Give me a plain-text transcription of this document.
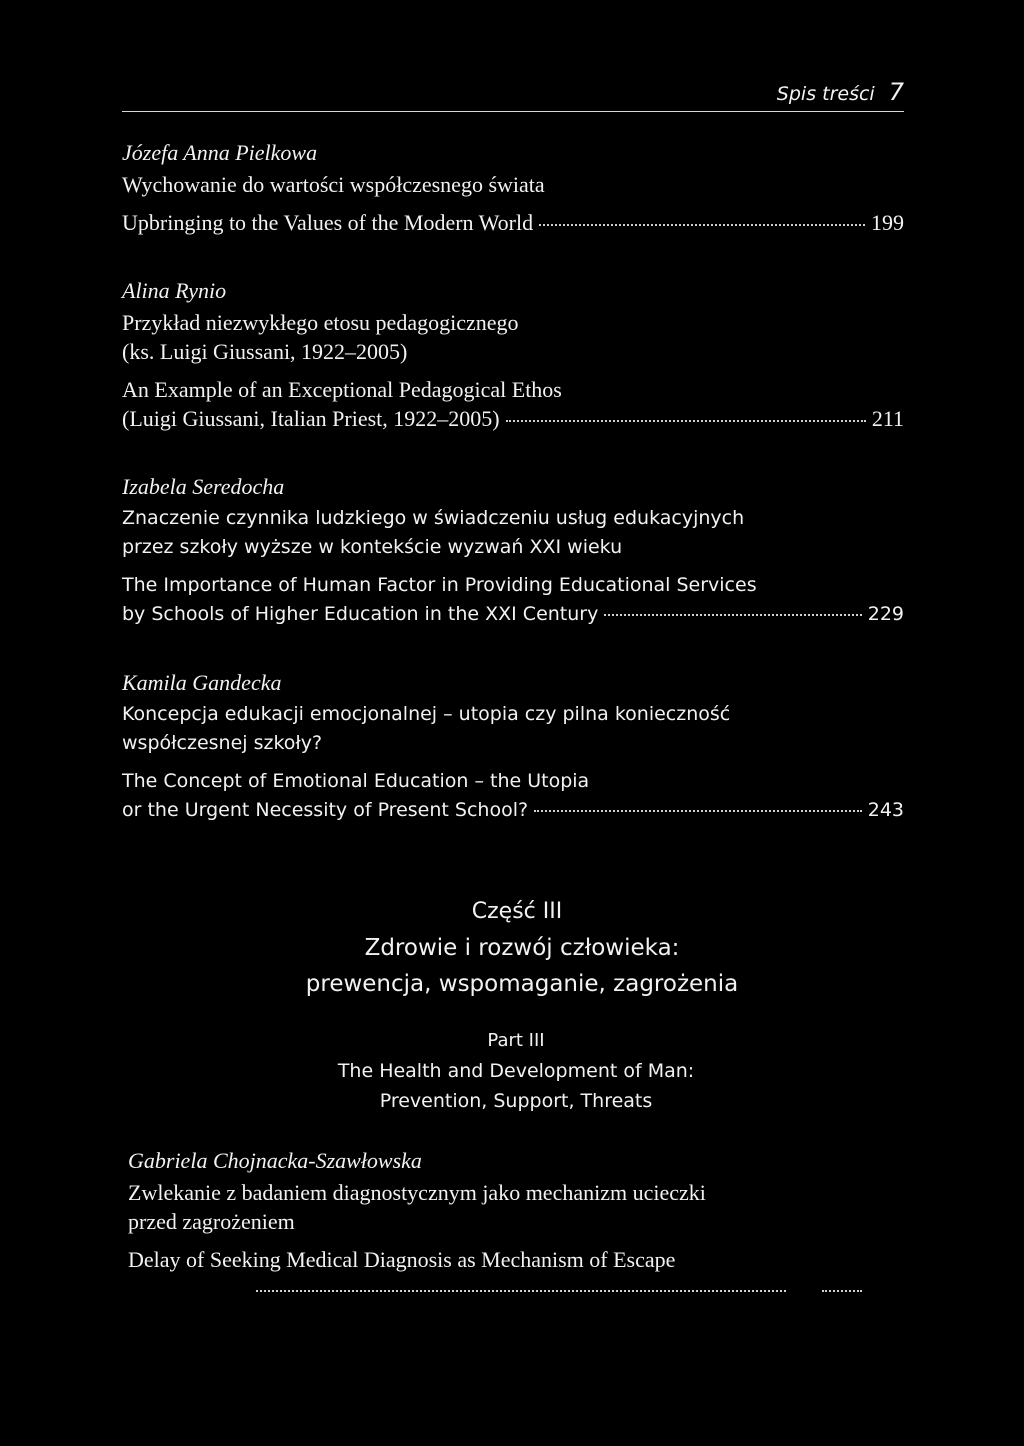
Spis treści 7
Józefa Anna Pielkowa
Wychowanie do wartości współczesnego świata
Upbringing to the Values of the Modern World	199
Alina Rynio
Przykład niezwykłego etosu pedagogicznego
(ks. Luigi Giussani, 1922–2005)
An Example of an Exceptional Pedagogical Ethos
(Luigi Giussani, Italian Priest, 1922–2005)	211
Izabela Seredocha
Znaczenie czynnika ludzkiego w świadczeniu usług edukacyjnych
przez szkoły wyższe w kontekście wyzwań XXI wieku
The Importance of Human Factor in Providing Educational Services
by Schools of Higher Education in the XXI Century	229
Kamila Gandecka
Koncepcja edukacji emocjonalnej – utopia czy pilna konieczność
współczesnej szkoły?
The Concept of Emotional Education – the Utopia
or the Urgent Necessity of Present School?	243
Część III
Zdrowie i rozwój człowieka:
prewencja, wspomaganie, zagrożenia
Part III
The Health and Development of Man:
Prevention, Support, Threats
Gabriela Chojnacka-Szawłowska
Zwlekanie z badaniem diagnostycznym jako mechanizm ucieczki
przed zagrożeniem
Delay of Seeking Medical Diagnosis as Mechanism of Escape
